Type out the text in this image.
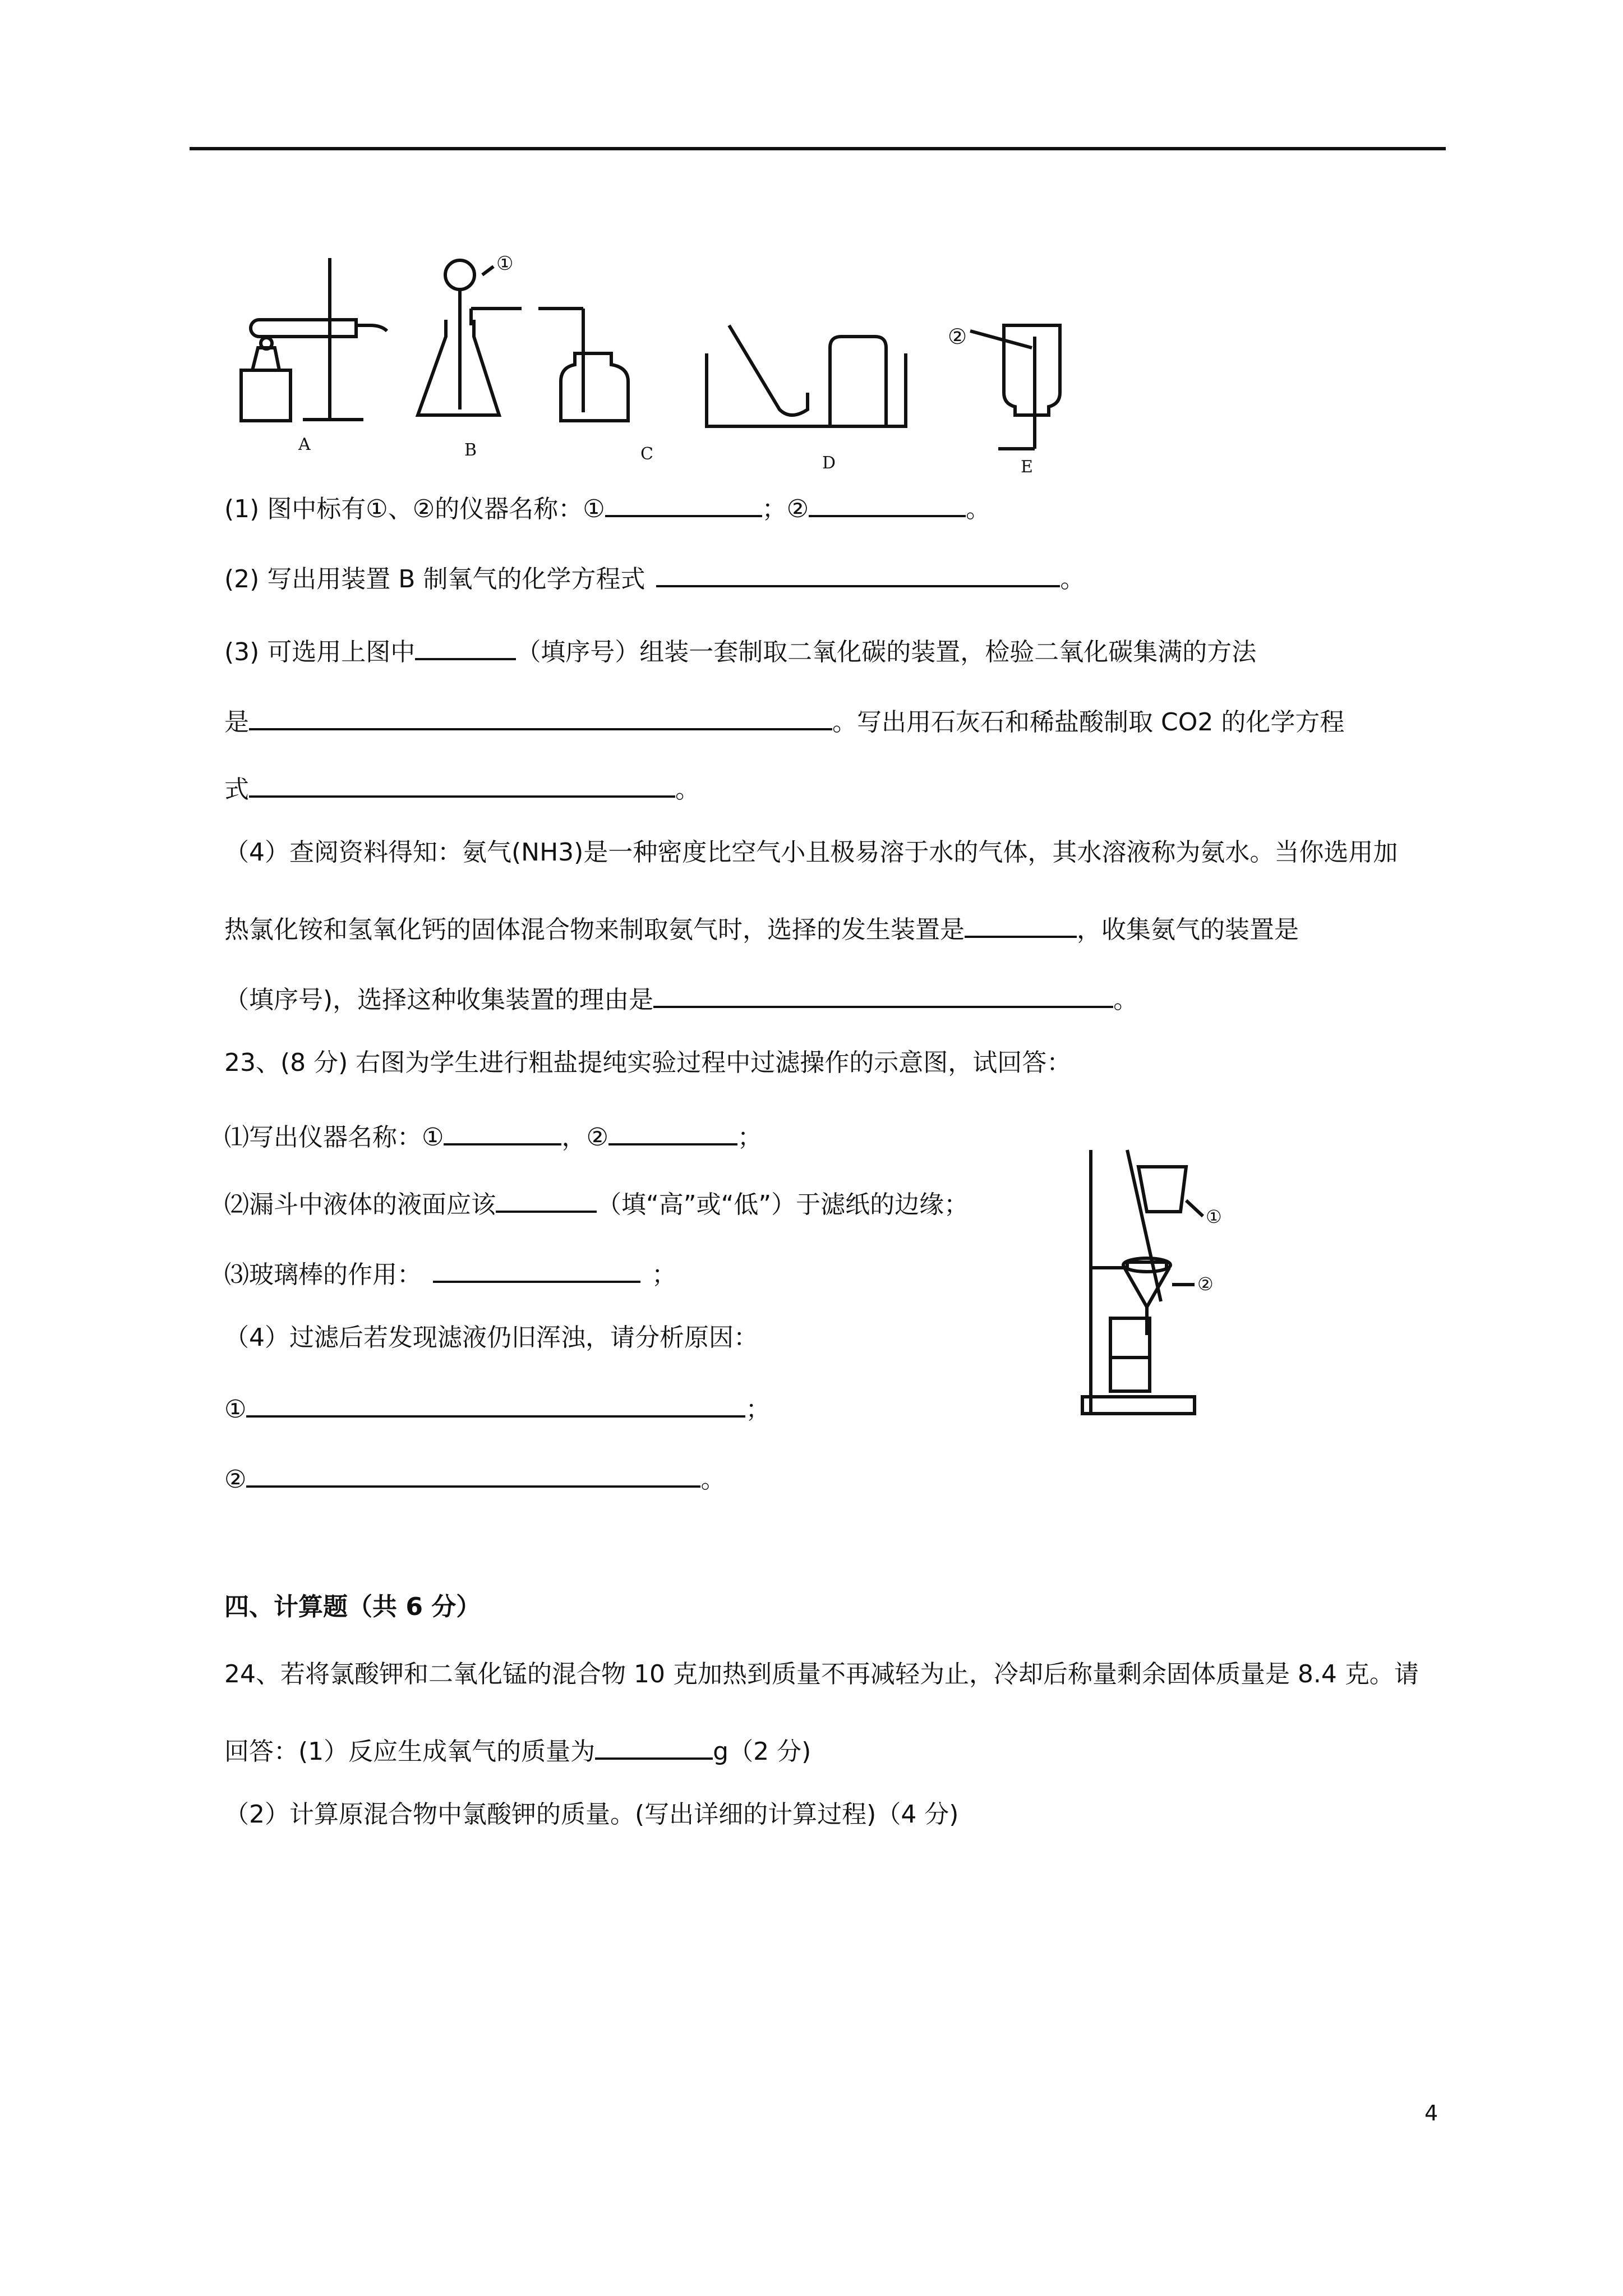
A	B	C	D	E
①
②
(1) 图中标有①、②的仪器名称：①	；②	。
(2) 写出用装置 B 制氧气的化学方程式	。
(3) 可选用上图中	（填序号）组装一套制取二氧化碳的装置，检验二氧化碳集满的方法
是	。写出用石灰石和稀盐酸制取 CO2 的化学方程
式	。
（4）查阅资料得知：氨气(NH3)是一种密度比空气小且极易溶于水的气体，其水溶液称为氨水。当你选用加
热氯化铵和氢氧化钙的固体混合物来制取氨气时，选择的发生装置是	，收集氨气的装置是
（填序号)，选择这种收集装置的理由是	。
23、(8 分) 右图为学生进行粗盐提纯实验过程中过滤操作的示意图，试回答：
⑴写出仪器名称：①	，②	；
⑵漏斗中液体的液面应该	（填“高”或“低”）于滤纸的边缘；
⑶玻璃棒的作用：	；
（4）过滤后若发现滤液仍旧浑浊，请分析原因：
①	；
②	。
①
②
四、计算题（共 6 分）
24、若将氯酸钾和二氧化锰的混合物 10 克加热到质量不再减轻为止，冷却后称量剩余固体质量是 8.4 克。请
回答：(1）反应生成氧气的质量为	g（2 分)
（2）计算原混合物中氯酸钾的质量。(写出详细的计算过程)（4 分)
4
